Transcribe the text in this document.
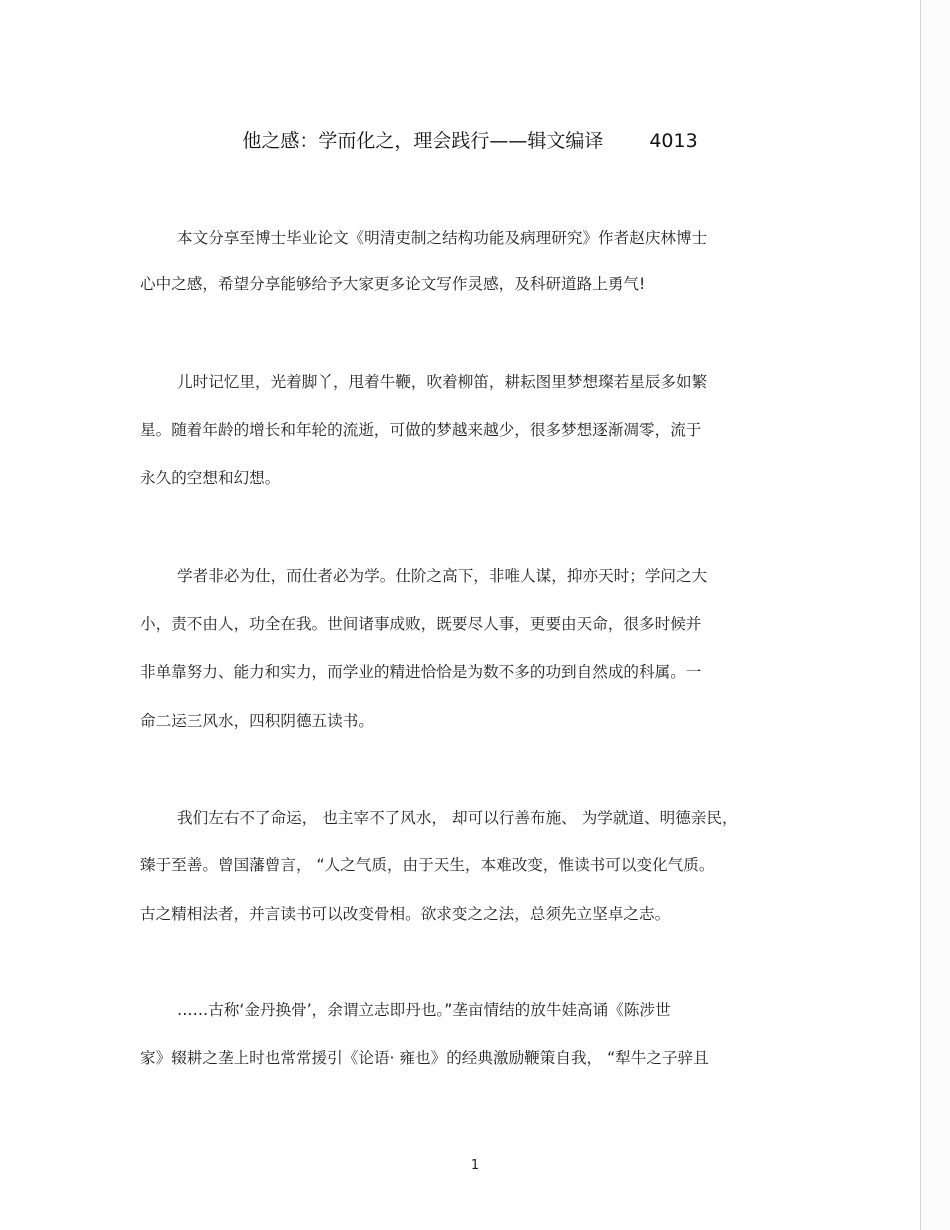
他之感：学而化之，理会践行——辑文编译 4013
本文分享至博士毕业论文《明清吏制之结构功能及病理研究》作者赵庆林博士
心中之感，希望分享能够给予大家更多论文写作灵感，及科研道路上勇气!
儿时记忆里，光着脚丫，甩着牛鞭，吹着柳笛，耕耘图里梦想璨若星辰多如繁
星。随着年龄的增长和年轮的流逝，可做的梦越来越少，很多梦想逐渐凋零，流于
永久的空想和幻想。
学者非必为仕，而仕者必为学。仕阶之高下，非唯人谋，抑亦天时；学问之大
小，责不由人，功全在我。世间诸事成败，既要尽人事，更要由天命，很多时候并
非单靠努力、能力和实力，而学业的精进恰恰是为数不多的功到自然成的科属。一
命二运三风水，四积阴德五读书。
我们左右不了命运， 也主宰不了风水， 却可以行善布施、 为学就道、明德亲民，
臻于至善。曾国藩曾言， “人之气质，由于天生，本难改变，惟读书可以变化气质。
古之精相法者，并言读书可以改变骨相。欲求变之之法，总须先立坚卓之志。
……古称‘金丹换骨’，余谓立志即丹也。”垄亩情结的放牛娃高诵《陈涉世
家》辍耕之垄上时也常常援引《论语· 雍也》的经典激励鞭策自我， “犁牛之子骍且
1
